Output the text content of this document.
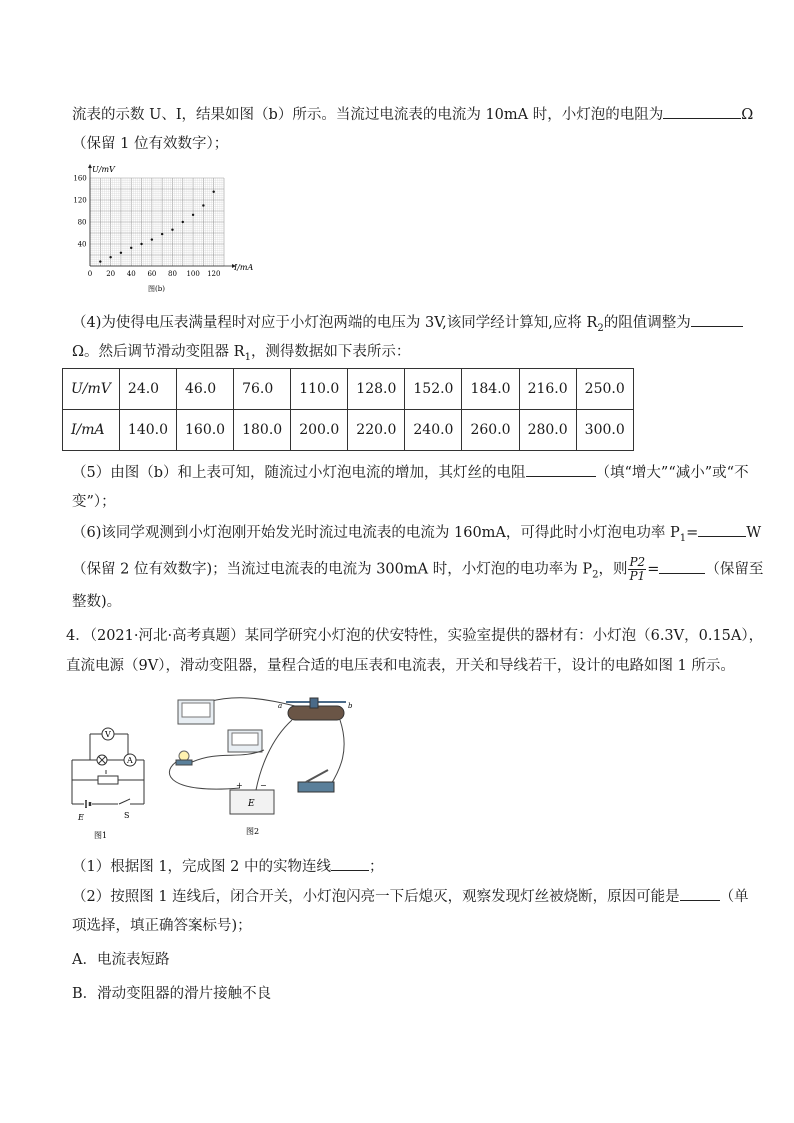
流表的示数 U、I，结果如图（b）所示。当流过电流表的电流为 10mA 时，小灯泡的电阻为	Ω
（保留 1 位有效数字）；
0 20 40 60 80 100 120
40
80
120
160
U/mV
I/mA
图(b)
（4)为使得电压表满量程时对应于小灯泡两端的电压为 3V,该同学经计算知,应将 $R_2$的阻值调整为
Ω。然后调节滑动变阻器 $R_1$，测得数据如下表所示：
U/mV	24.0	46.0	76.0	110.0	128.0	152.0	184.0	216.0	250.0
I/mA	140.0	160.0	180.0	200.0	220.0	240.0	260.0	280.0	300.0
（5）由图（b）和上表可知，随流过小灯泡电流的增加，其灯丝的电阻	（填“增大”“减小”或“不
变”）；
（6)该同学观测到小灯泡刚开始发光时流过电流表的电流为 160mA，可得此时小灯泡电功率 $P_1=$	W
（保留 2 位有效数字)；当流过电流表的电流为 300mA 时，小灯泡的电功率为 $P_2$，则 $\frac{P2}{P1}$ =	（保留至
整数)。
4．（2021·河北·高考真题）某同学研究小灯泡的伏安特性，实验室提供的器材有：小灯泡（6.3V，0.15A），
直流电源（9V），滑动变阻器，量程合适的电压表和电流表，开关和导线若干，设计的电路如图 1 所示。
V
A
E	S
图1
a	b
E
+ −
图2
（1）根据图 1，完成图 2 中的实物连线	；
（2）按照图 1 连线后，闭合开关，小灯泡闪亮一下后熄灭，观察发现灯丝被烧断，原因可能是	（单
项选择，填正确答案标号)；
A．电流表短路
B．滑动变阻器的滑片接触不良
